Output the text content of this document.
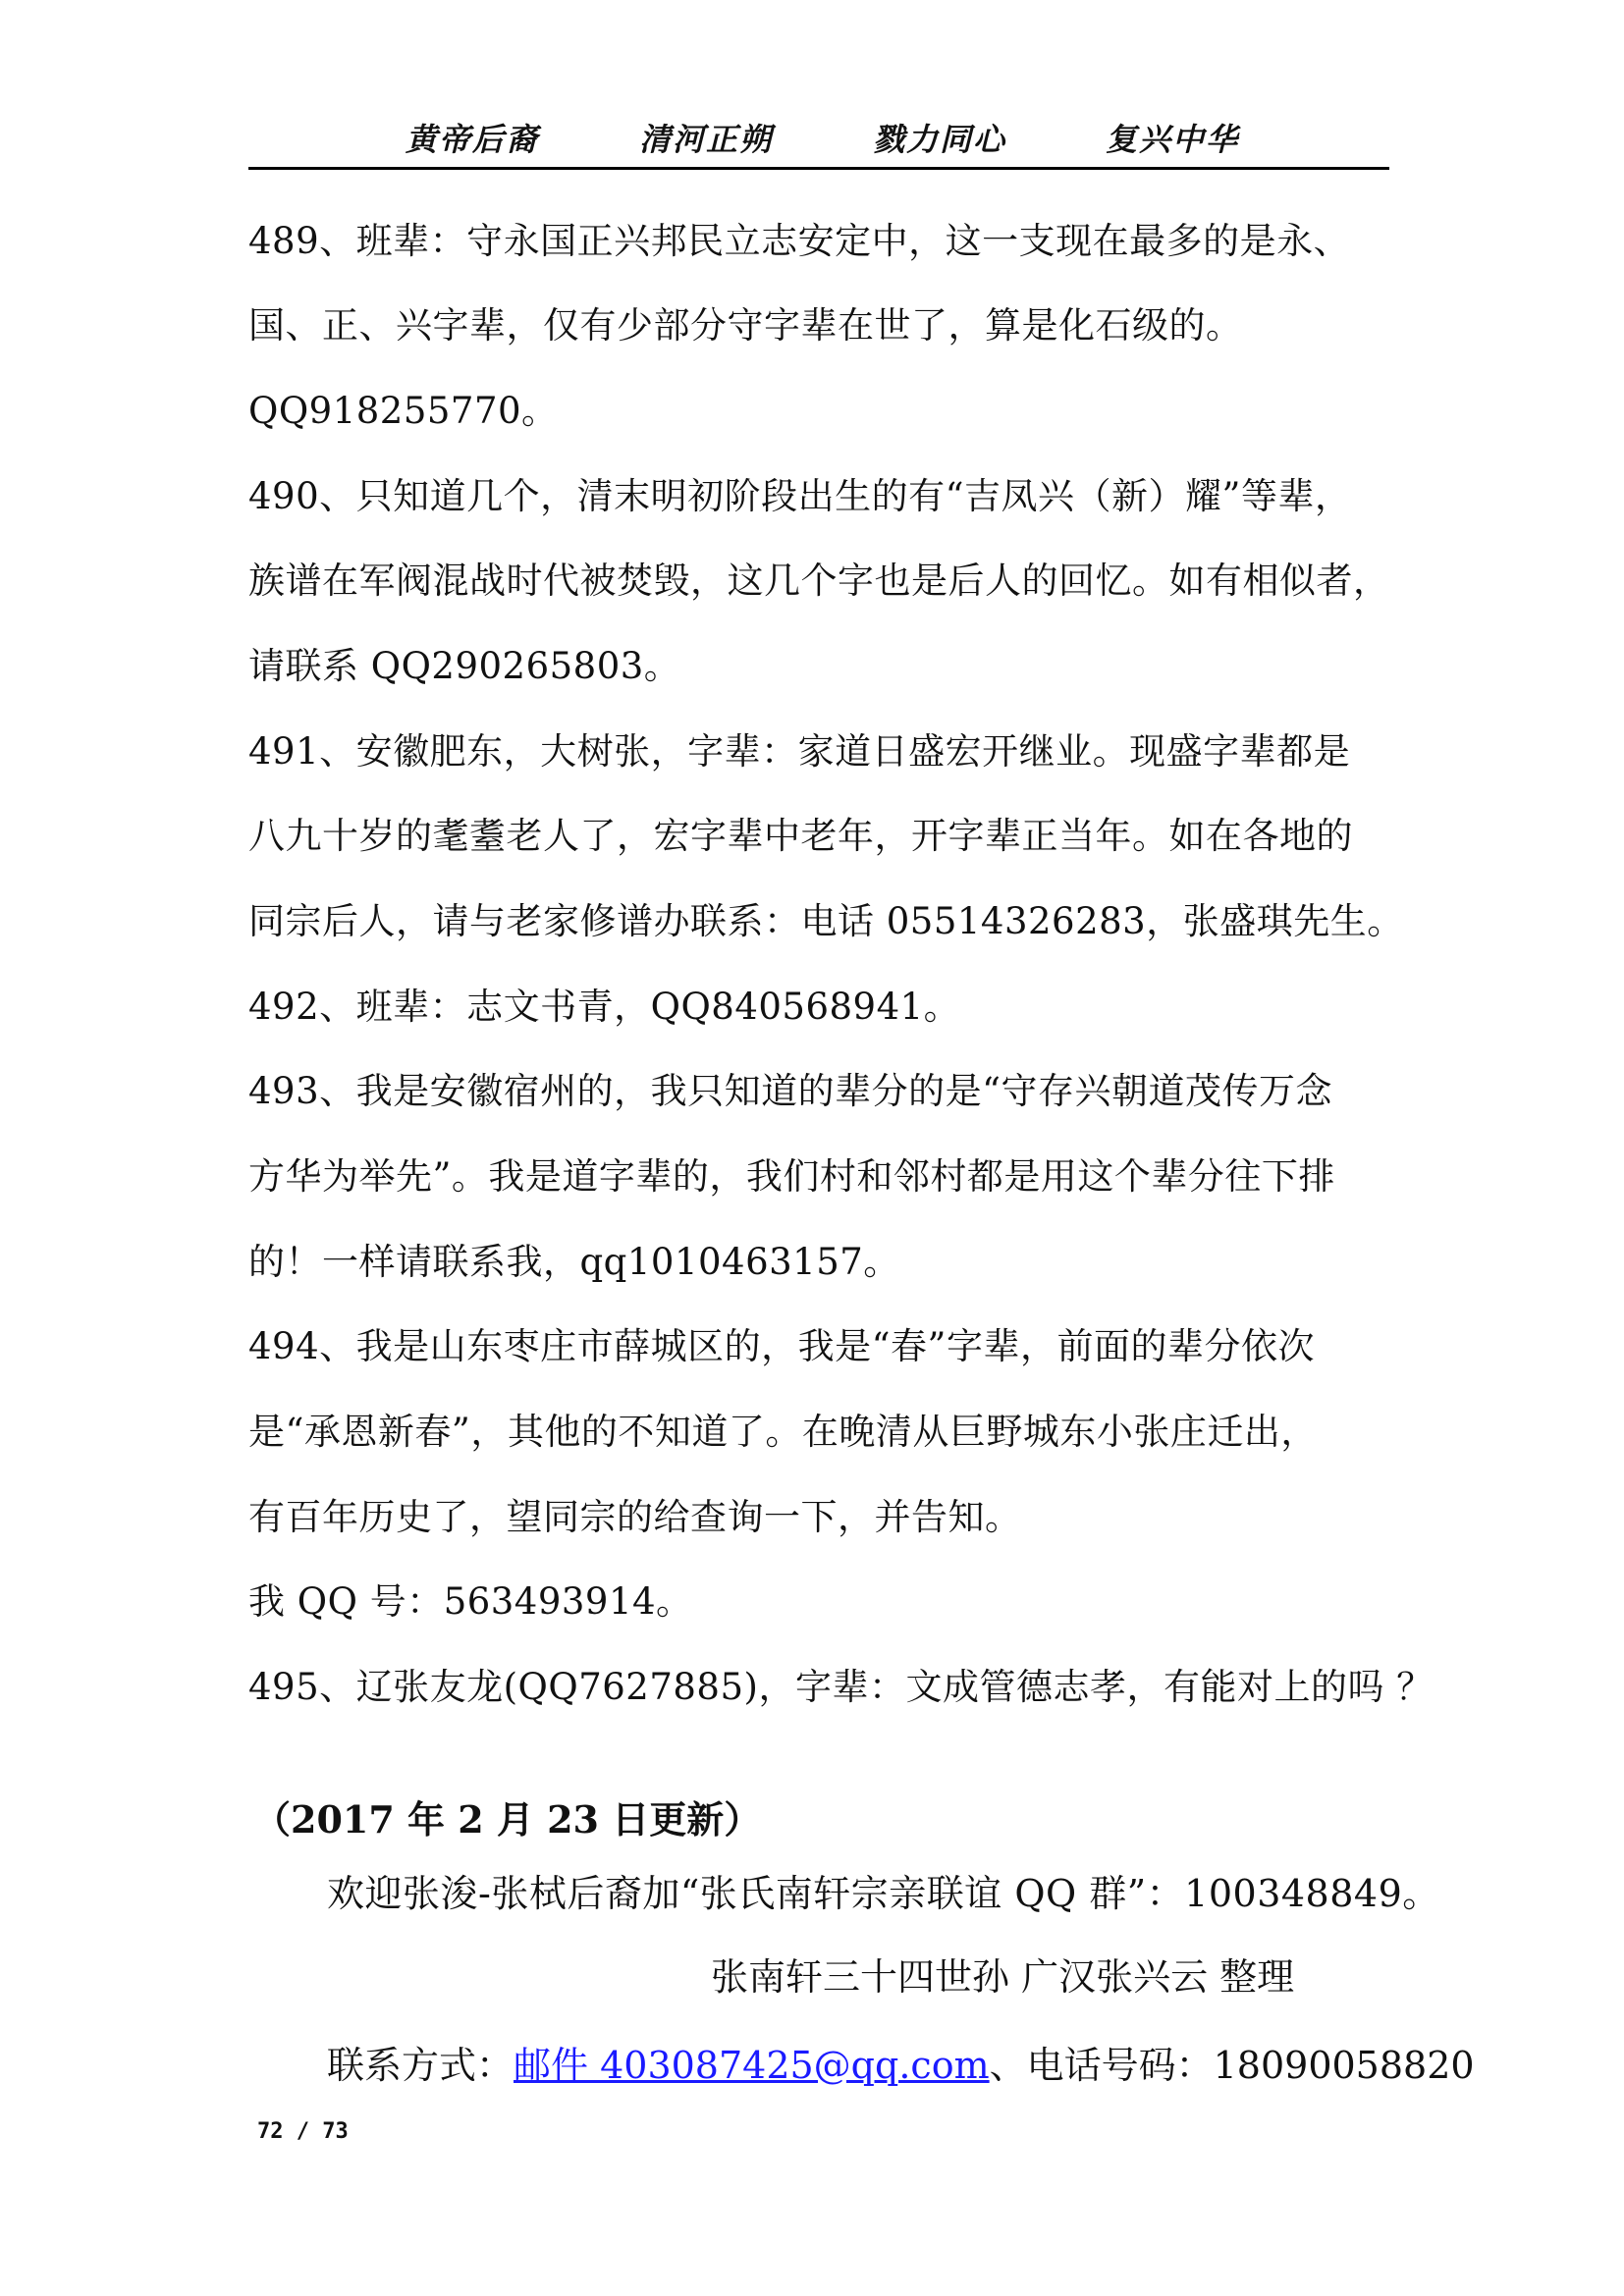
黄帝后裔	清河正朔	戮力同心	复兴中华
489、班辈：守永国正兴邦民立志安定中，这一支现在最多的是永、
国、正、兴字辈，仅有少部分守字辈在世了，算是化石级的。
QQ918255770。
490、只知道几个，清末明初阶段出生的有“吉凤兴（新）耀”等辈，
族谱在军阀混战时代被焚毁，这几个字也是后人的回忆。如有相似者，
请联系 QQ290265803。
491、安徽肥东，大树张，字辈：家道日盛宏开继业。现盛字辈都是
八九十岁的耄耋老人了，宏字辈中老年，开字辈正当年。如在各地的
同宗后人，请与老家修谱办联系：电话 05514326283，张盛琪先生。
492、班辈：志文书青，QQ840568941。
493、我是安徽宿州的，我只知道的辈分的是“守存兴朝道茂传万念
方华为举先”。我是道字辈的，我们村和邻村都是用这个辈分往下排
的！一样请联系我，qq1010463157。
494、我是山东枣庄市薛城区的，我是“春”字辈，前面的辈分依次
是“承恩新春”，其他的不知道了。在晚清从巨野城东小张庄迁出，
有百年历史了，望同宗的给查询一下，并告知。
我 QQ 号：563493914。
495、辽张友龙(QQ7627885)，字辈：文成管德志孝，有能对上的吗 ？
（2017 年 2 月 23 日更新）
欢迎张浚-张栻后裔加“张氏南轩宗亲联谊 QQ 群”：100348849。
张南轩三十四世孙 广汉张兴云 整理
联系方式：邮件 403087425@qq.com、电话号码：18090058820
72 / 73
